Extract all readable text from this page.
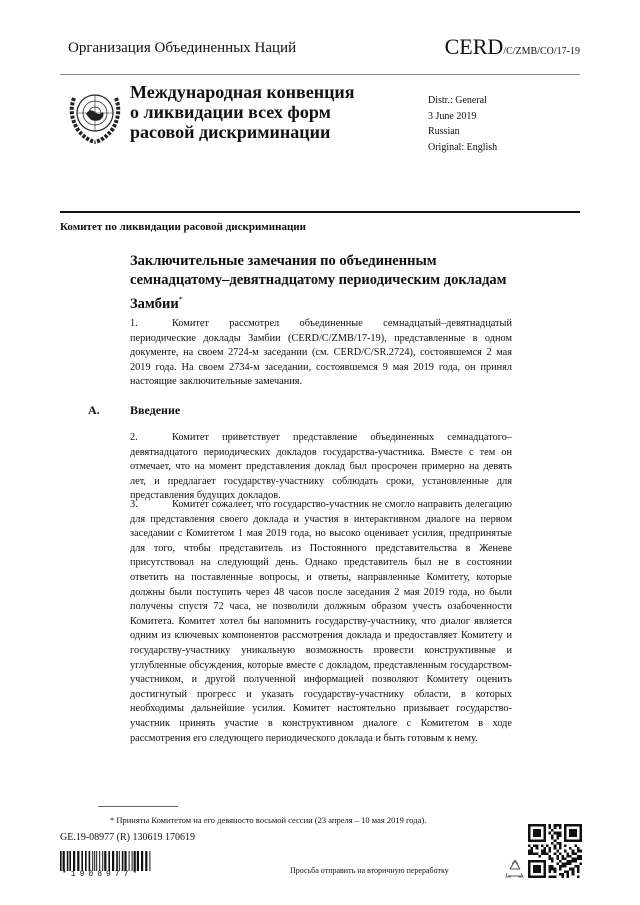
Организация Объединенных Наций	CERD/C/ZMB/CO/17-19
Международная конвенция
о ликвидации всех форм
расовой дискриминации
Distr.: General
3 June 2019
Russian
Original: English
Комитет по ликвидации расовой дискриминации
Заключительные замечания по объединенным семнадцатому–девятнадцатому периодическим докладам Замбии*
1.	Комитет рассмотрел объединенные семнадцатый–девятнадцатый периодические доклады Замбии (CERD/C/ZMB/17-19), представленные в одном документе, на своем 2724-м заседании (см. CERD/C/SR.2724), состоявшемся 2 мая 2019 года. На своем 2734-м заседании, состоявшемся 9 мая 2019 года, он принял настоящие заключительные замечания.
A.	Введение
2.	Комитет приветствует представление объединенных семнадцатого–девятнадцатого периодических докладов государства-участника. Вместе с тем он отмечает, что на момент представления доклад был просрочен примерно на девять лет, и предлагает государству-участнику соблюдать сроки, установленные для представления будущих докладов.
3.	Комитет сожалеет, что государство-участник не смогло направить делегацию для представления своего доклада и участия в интерактивном диалоге на первом заседании с Комитетом 1 мая 2019 года, но высоко оценивает усилия, предпринятые для того, чтобы представитель из Постоянного представительства в Женеве присутствовал на следующий день. Однако представитель был не в состоянии ответить на поставленные вопросы, и ответы, направленные Комитету, которые должны были поступить через 48 часов после заседания 2 мая 2019 года, но были получены спустя 72 часа, не позволили должным образом учесть озабоченности Комитета. Комитет хотел бы напомнить государству-участнику, что диалог является одним из ключевых компонентов рассмотрения доклада и предоставляет Комитету и государству-участнику уникальную возможность провести конструктивные и углубленные обсуждения, которые вместе с докладом, представленным государством-участником, и другой полученной информацией позволяют Комитету оценить достигнутый прогресс и указать государству-участнику области, в которых необходимы дальнейшие усилия. Комитет настоятельно призывает государство-участник принять участие в конструктивном диалоге с Комитетом в ходе рассмотрения его следующего периодического доклада и быть готовым к нему.
* Приняты Комитетом на его девяносто восьмой сессии (23 апреля – 10 мая 2019 года).
GE.19-08977 (R) 130619 170619
*1908977*	Просьба отправить на вторичную переработку
